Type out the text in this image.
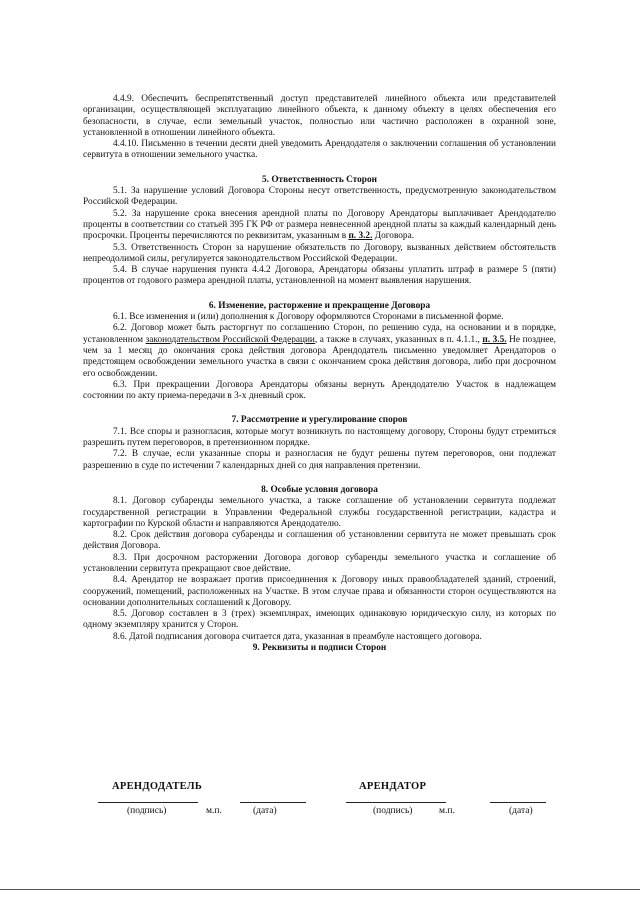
4.4.9. Обеспечить беспрепятственный доступ представителей линейного объекта или представителей организации, осуществляющей эксплуатацию линейного объекта, к данному объекту в целях обеспечения его безопасности, в случае, если земельный участок, полностью или частично расположен в охранной зоне, установленной в отношении линейного объекта.

4.4.10. Письменно в течении десяти дней уведомить Арендодателя о заключении соглашения об установлении сервитута в отношении земельного участка.

5. Ответственность Сторон

5.1. За нарушение условий Договора Стороны несут ответственность, предусмотренную законодательством Российской Федерации.

5.2. За нарушение срока внесения арендной платы по Договору Арендаторы выплачивает Арендодателю проценты в соответствии со статьей 395 ГК РФ от размера невнесенной арендной платы за каждый календарный день просрочки. Проценты перечисляются по реквизитам, указанным в п. 3.2. Договора.

5.3. Ответственность Сторон за нарушение обязательств по Договору, вызванных действием обстоятельств непреодолимой силы, регулируется законодательством Российской Федерации.

5.4. В случае нарушения пункта 4.4.2 Договора, Арендаторы обязаны уплатить штраф в размере 5 (пяти) процентов от годового размера арендной платы, установленной на момент выявления нарушения.

6. Изменение, расторжение и прекращение Договора

6.1. Все изменения и (или) дополнения к Договору оформляются Сторонами в письменной форме.

6.2. Договор может быть расторгнут по соглашению Сторон, по решению суда, на основании и в порядке, установленном законодательством Российской Федерации, а также в случаях, указанных в п. 4.1.1., п. 3.5. Не позднее, чем за 1 месяц до окончания срока действия договора Арендодатель письменно уведомляет Арендаторов о предстоящем освобождении земельного участка в связи с окончанием срока действия договора, либо при досрочном его освобождении.

6.3. При прекращении Договора Арендаторы обязаны вернуть Арендодателю Участок в надлежащем состоянии по акту приема-передачи в 3-х дневный срок.

7. Рассмотрение и урегулирование споров

7.1. Все споры и разногласия, которые могут возникнуть по настоящему договору, Стороны будут стремиться разрешить путем переговоров, в претензионном порядке.

7.2. В случае, если указанные споры и разногласия не будут решены путем переговоров, они подлежат разрешению в суде по истечении 7 календарных дней со дня направления претензии.

8. Особые условия договора

8.1. Договор субаренды земельного участка, а также соглашение об установлении сервитута подлежат государственной регистрации в Управлении Федеральной службы государственной регистрации, кадастра и картографии по Курской области и направляются Арендодателю.

8.2. Срок действия договора субаренды и соглашения об установлении сервитута не может превышать срок действия Договора.

8.3. При досрочном расторжении Договора договор субаренды земельного участка и соглашение об установлении сервитута прекращают свое действие.

8.4. Арендатор не возражает против присоединения к Договору иных правообладателей зданий, строений, сооружений, помещений, расположенных на Участке. В этом случае права и обязанности сторон осуществляются на основании дополнительных соглашений к Договору.

8.5. Договор составлен в 3 (трех) экземплярах, имеющих одинаковую юридическую силу, из которых по одному экземпляру хранится у Сторон.

8.6. Датой подписания договора считается дата, указанная в преамбуле настоящего договора.

9. Реквизиты и подписи Сторон

АРЕНДОДАТЕЛЬ	АРЕНДАТОР
(подпись)	м.п.	(дата)	(подпись)	м.п.	(дата)
